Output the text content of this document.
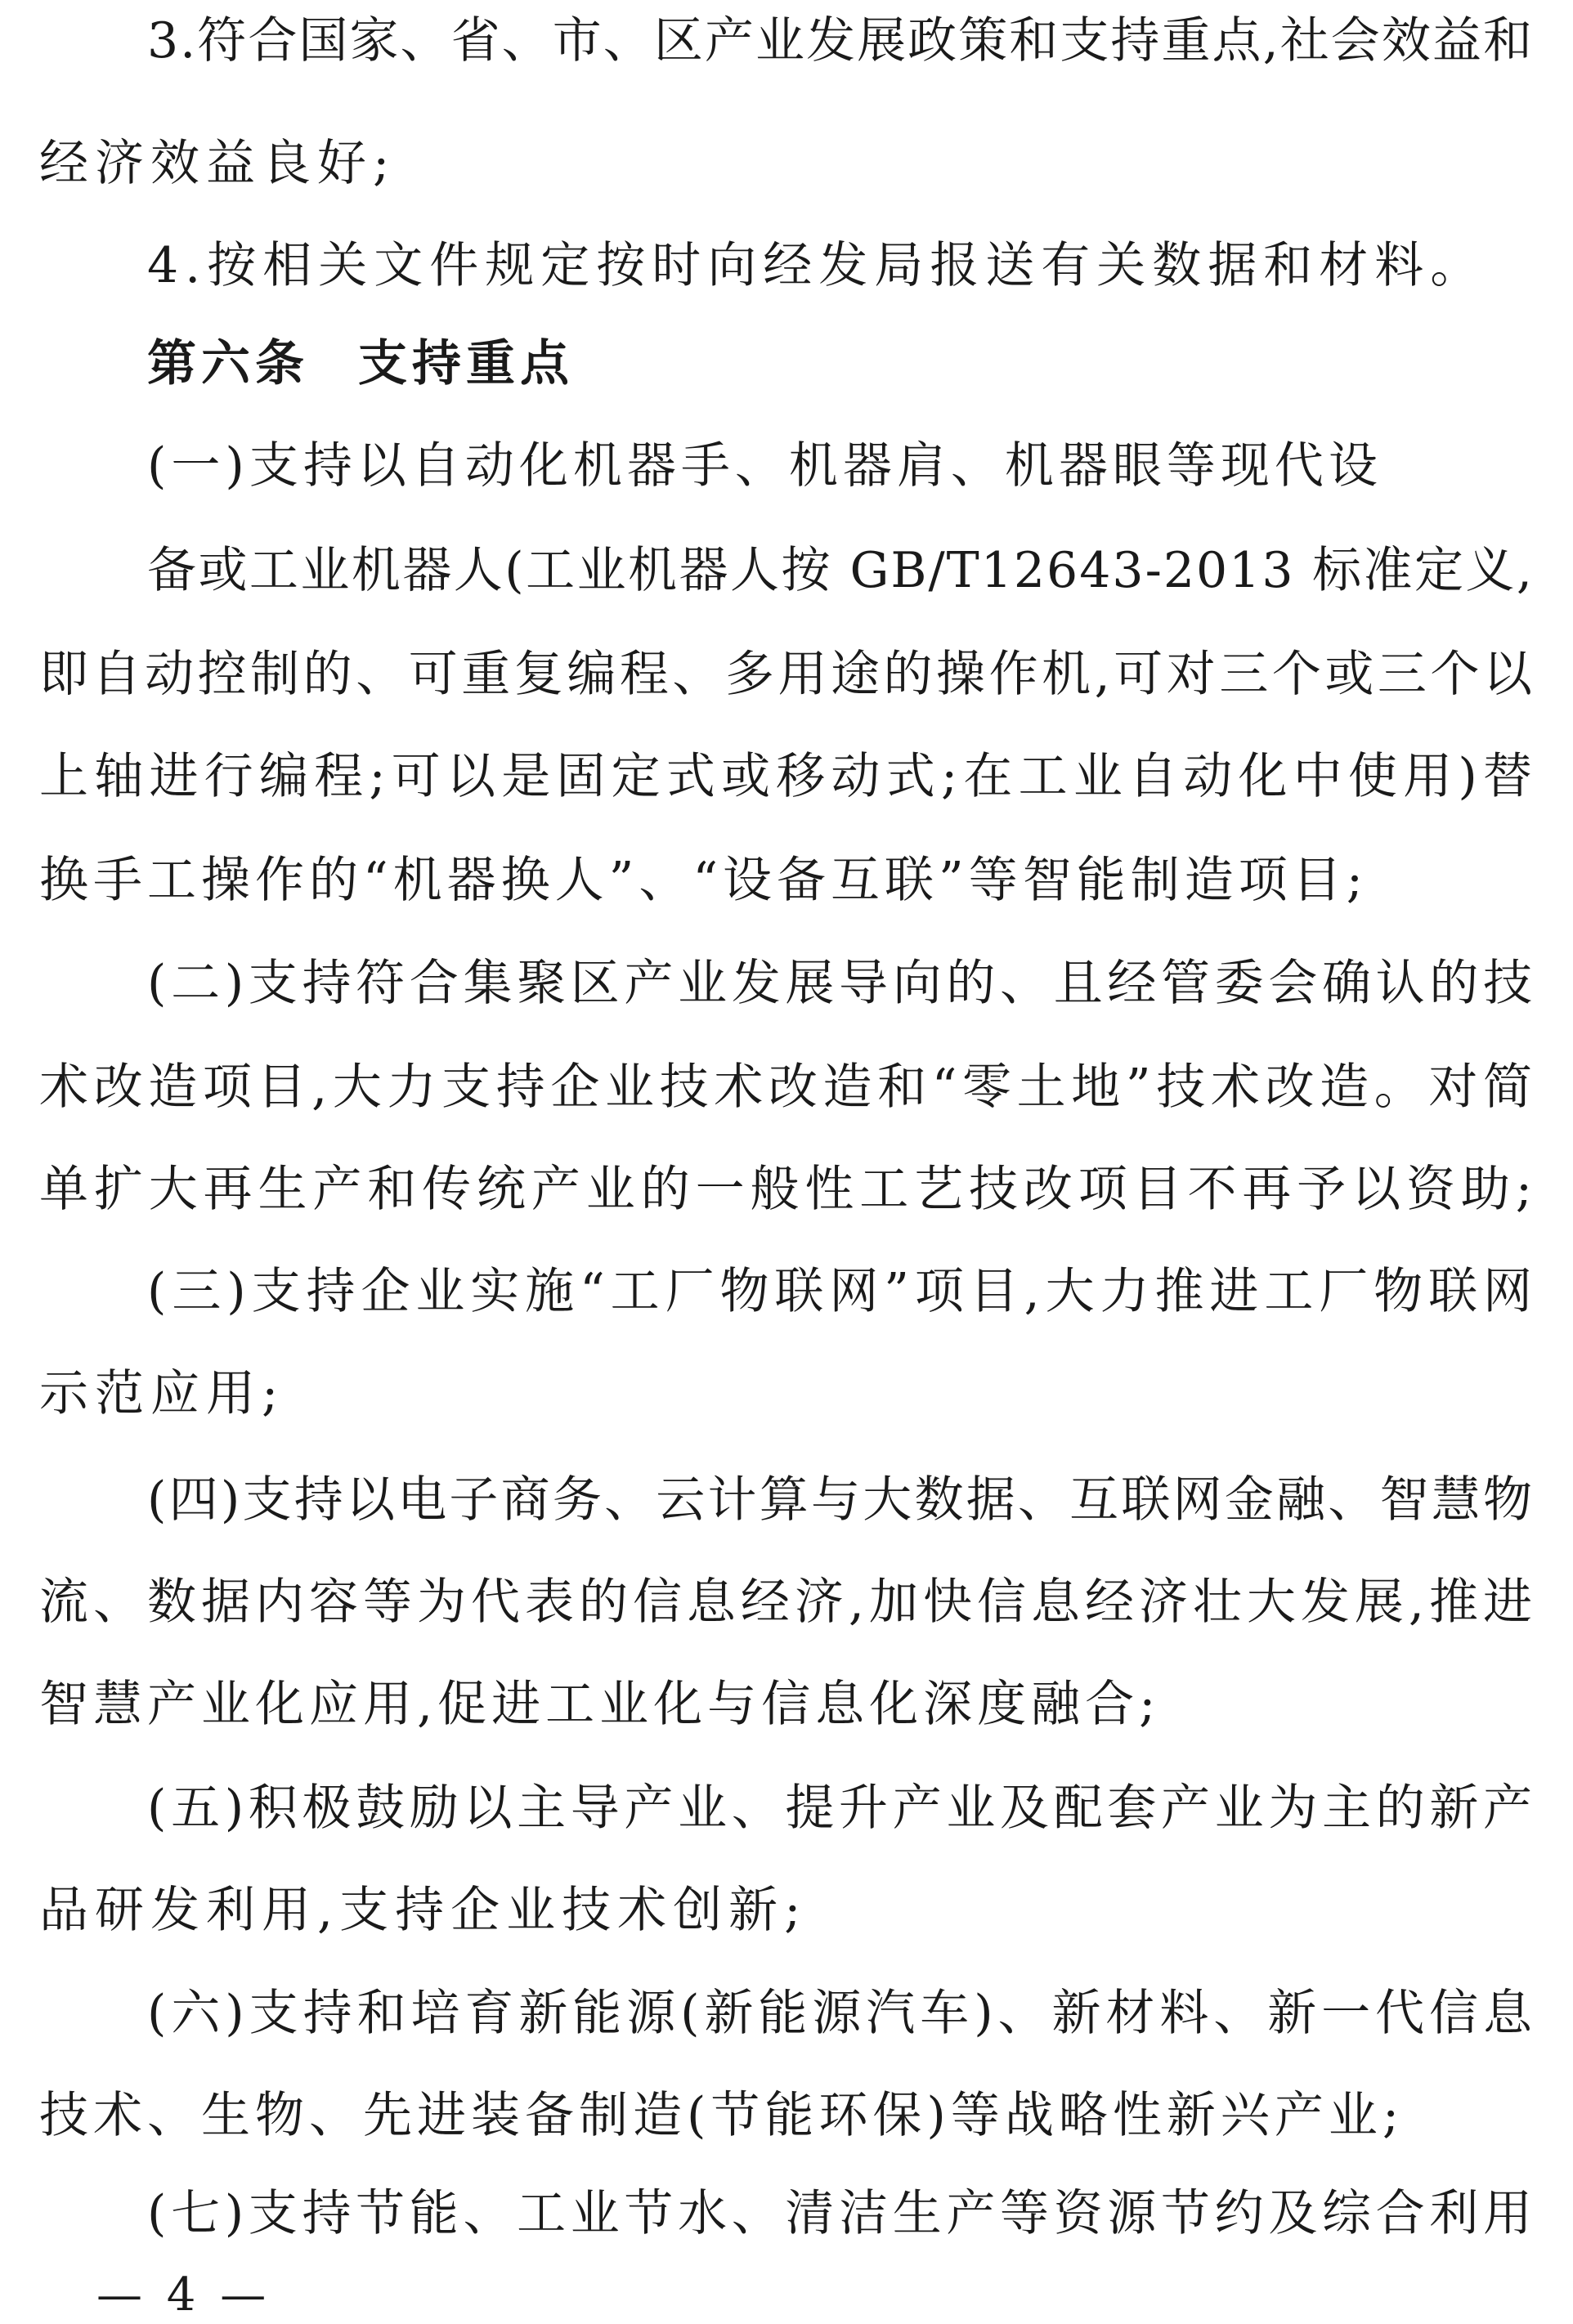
3.符合国家、省、市、区产业发展政策和支持重点,社会效益和
经济效益良好;
4.按相关文件规定按时向经发局报送有关数据和材料。
第六条 支持重点
(一)支持以自动化机器手、机器肩、机器眼等现代设
备或工业机器人(工业机器人按 GB/T12643-2013 标准定义,
即自动控制的、可重复编程、多用途的操作机,可对三个或三个以
上轴进行编程;可以是固定式或移动式;在工业自动化中使用)替
换手工操作的“机器换人”、“设备互联”等智能制造项目;
(二)支持符合集聚区产业发展导向的、且经管委会确认的技
术改造项目,大力支持企业技术改造和“零土地”技术改造。对简
单扩大再生产和传统产业的一般性工艺技改项目不再予以资助;
(三)支持企业实施“工厂物联网”项目,大力推进工厂物联网
示范应用;
(四)支持以电子商务、云计算与大数据、互联网金融、智慧物
流、数据内容等为代表的信息经济,加快信息经济壮大发展,推进
智慧产业化应用,促进工业化与信息化深度融合;
(五)积极鼓励以主导产业、提升产业及配套产业为主的新产
品研发利用,支持企业技术创新;
(六)支持和培育新能源(新能源汽车)、新材料、新一代信息
技术、生物、先进装备制造(节能环保)等战略性新兴产业;
(七)支持节能、工业节水、清洁生产等资源节约及综合利用
— 4 —
